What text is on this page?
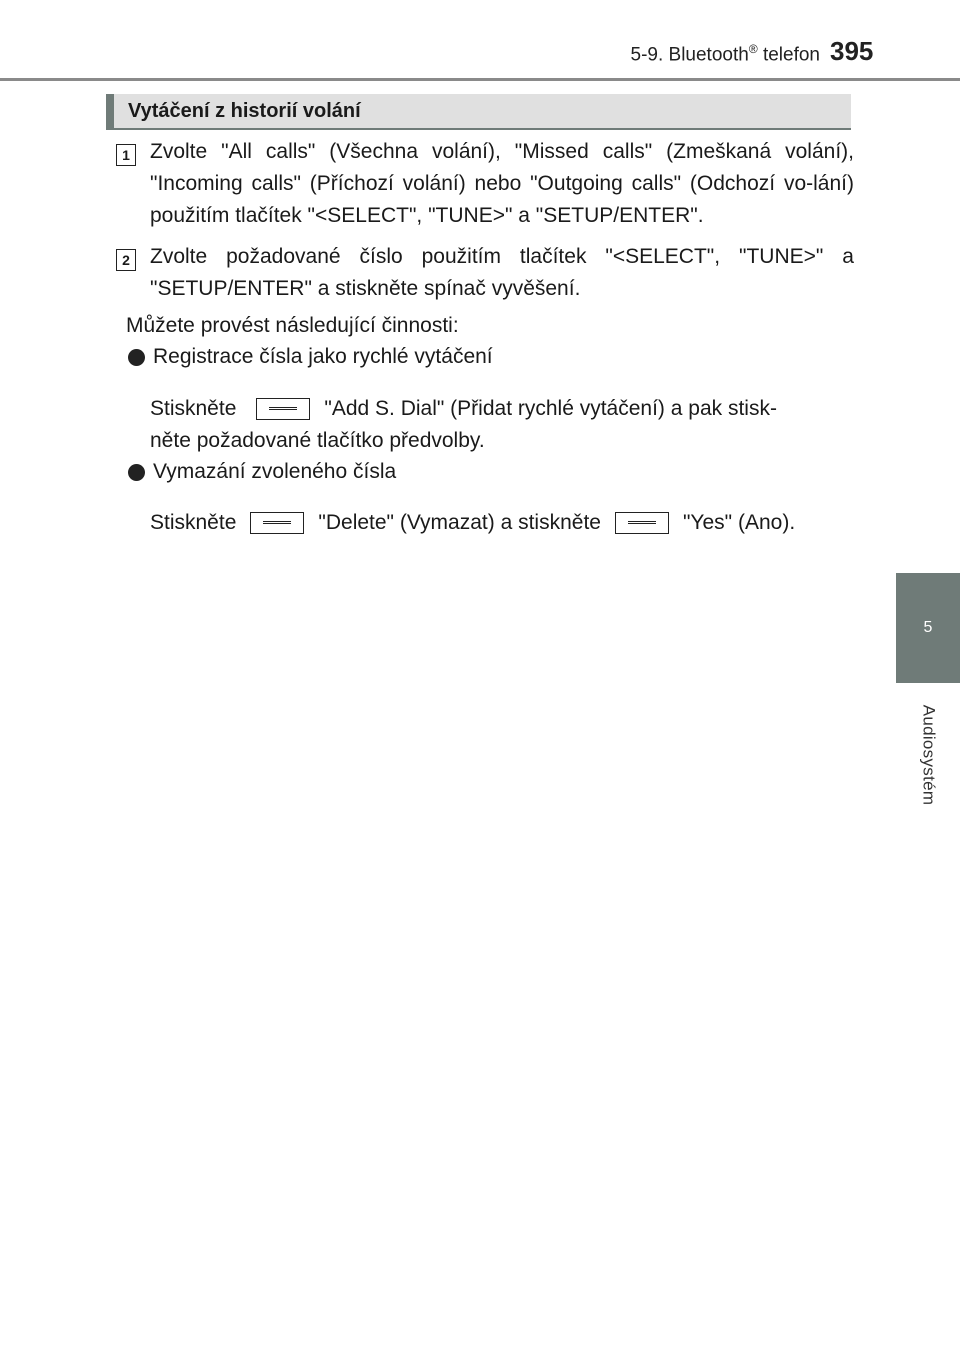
5-9. Bluetooth® telefon 395
5
Audiosystém
Vytáčení z historií volání
1 Zvolte "All calls" (Všechna volání), "Missed calls" (Zmeškaná volání), "Incoming calls" (Příchozí volání) nebo "Outgoing calls" (Odchozí vo-lání) použitím tlačítek "<SELECT", "TUNE>" a "SETUP/ENTER".
2 Zvolte požadované číslo použitím tlačítek "<SELECT", "TUNE>" a "SETUP/ENTER" a stiskněte spínač vyvěšení.
Můžete provést následující činnosti:
Registrace čísla jako rychlé vytáčení
Stiskněte	"Add S. Dial" (Přidat rychlé vytáčení) a pak stisk-
něte požadované tlačítko předvolby.
Vymazání zvoleného čísla
Stiskněte	"Delete" (Vymazat) a stiskněte	"Yes" (Ano).
